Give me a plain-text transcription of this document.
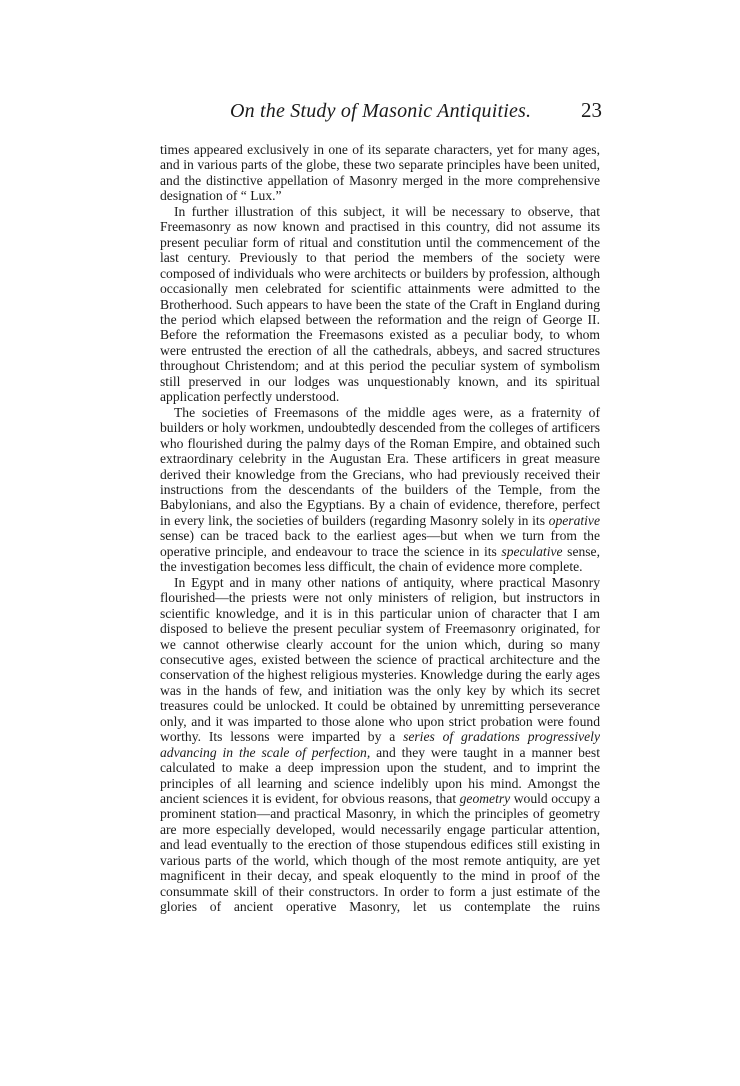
On the Study of Masonic Antiquities. 23

times appeared exclusively in one of its separate characters, yet for many ages, and in various parts of the globe, these two separate principles have been united, and the distinctive appellation of Masonry merged in the more comprehensive designation of “ Lux.”

In further illustration of this subject, it will be necessary to observe, that Freemasonry as now known and practised in this country, did not assume its present peculiar form of ritual and constitution until the commencement of the last century. Previously to that period the members of the society were composed of individuals who were architects or builders by profession, although occasionally men celebrated for scientific attainments were admitted to the Brotherhood. Such appears to have been the state of the Craft in England during the period which elapsed between the reformation and the reign of George II. Before the reformation the Freemasons existed as a peculiar body, to whom were entrusted the erection of all the cathedrals, abbeys, and sacred structures throughout Christendom; and at this period the peculiar system of symbolism still preserved in our lodges was unquestionably known, and its spiritual application perfectly understood.

The societies of Freemasons of the middle ages were, as a fraternity of builders or holy workmen, undoubtedly descended from the colleges of artificers who flourished during the palmy days of the Roman Empire, and obtained such extraordinary celebrity in the Augustan Era. These artificers in great measure derived their knowledge from the Grecians, who had previously received their instructions from the descendants of the builders of the Temple, from the Babylonians, and also the Egyptians. By a chain of evidence, therefore, perfect in every link, the societies of builders (regarding Masonry solely in its operative sense) can be traced back to the earliest ages—but when we turn from the operative principle, and endeavour to trace the science in its speculative sense, the investigation becomes less difficult, the chain of evidence more complete.

In Egypt and in many other nations of antiquity, where practical Masonry flourished—the priests were not only ministers of religion, but instructors in scientific knowledge, and it is in this particular union of character that I am disposed to believe the present peculiar system of Freemasonry originated, for we cannot otherwise clearly account for the union which, during so many consecutive ages, existed between the science of practical architecture and the conservation of the highest religious mysteries. Knowledge during the early ages was in the hands of few, and initiation was the only key by which its secret treasures could be unlocked. It could be obtained by unremitting perseverance only, and it was imparted to those alone who upon strict probation were found worthy. Its lessons were imparted by a series of gradations progressively advancing in the scale of perfection, and they were taught in a manner best calculated to make a deep impression upon the student, and to imprint the principles of all learning and science indelibly upon his mind. Amongst the ancient sciences it is evident, for obvious reasons, that geometry would occupy a prominent station—and practical Masonry, in which the principles of geometry are more especially developed, would necessarily engage particular attention, and lead eventually to the erection of those stupendous edifices still existing in various parts of the world, which though of the most remote antiquity, are yet magnificent in their decay, and speak eloquently to the mind in proof of the consummate skill of their constructors. In order to form a just estimate of the glories of ancient operative Masonry, let us contemplate the ruins
